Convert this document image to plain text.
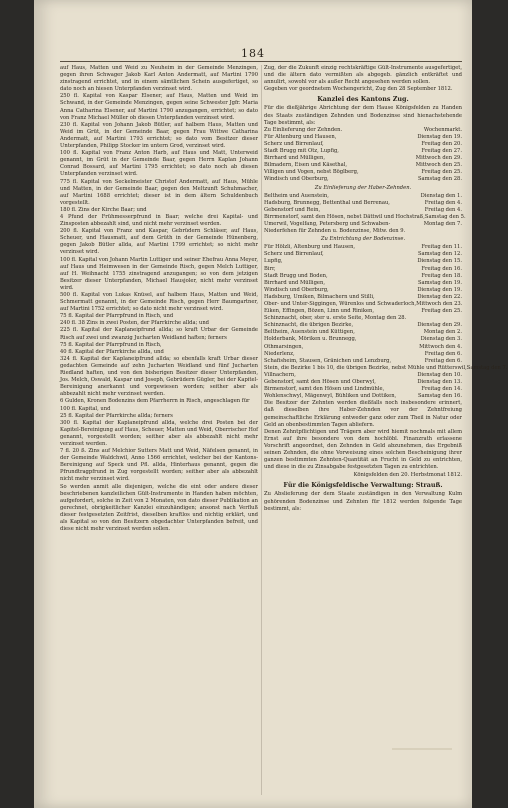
184

auf Haus, Matten und Weid zu Neuheim in der Gemeinde Menzingen, gegen ihren Schwager Jakob Karl Anton Andermatt, auf Martini 1790 zinstragend errichtet, und in einem sämtlichen Schein ausgefertiget, so dato noch an hiesen Unterpfanden verzinset wird.

250 fl. Kapital von Kaspar Elsener, auf Haus, Matten und Weid im Schwand, in der Gemeinde Menzingen, gegen seine Schwester Jgfr. Maria Anna Catharina Elsener, auf Martini 1790 anzugangen, errichtet; so dato von Franz Michael Müller ob diesen Unterpfanden verzinset wird.

230 fl. Kapital von Johann Jakob Bütler, auf halbem Haus, Matten und Weid im Grüt, in der Gemeinde Baar, gegen Frau Wittwe Catharina Andermatt, auf Martini 1793 errichtet; so dato vom Besitzer dieser Unterpfanden, Philipp Stocker im untern Grod, verzinset wird.

100 fl. Kapital von Franz Anton Harb, auf Haus und Matt, Unterweid genannt, im Grüt in der Gemeinde Baar, gegen Herrn Kaplan Johann Conrad Bossard, auf Martini 1795 errichtet; so dato noch ab diesen Unterpfanden verzinset wird.

775 fl. Kapital von Seckelmeister Christof Andermatt, auf Haus, Mühle und Matten, in der Gemeinde Baar, gegen den Meltzunft Schuhmacher, auf Martini 1688 errichtet; dieser ist in dem ältern Schuldenbuch vorgestellt.

180 fl. Zins der Kirche Baar; und

4 Pfund der Frühmesserpfrund in Baar; welche drei Kapital- und Zinsposten abbezahlt sind, und nicht mehr verzinset werden.

200 fl. Kapital von Franz und Kaspar, Gebrüdern Schläser, auf Haus, Scheuer, und Hausmatt, auf dem Grüth in der Gemeinde Hünenberg, gegen Jakob Bütler allda, auf Martini 1799 errichtet; so nicht mehr verzinset wird.

100 fl. Kapital von Johann Martin Luttiger und seiner Ehefrau Anna Meyer, auf Haus und Heimwesen in der Gemeinde Risch, gegen Melch Luttiger, auf H. Weihnacht 1755 zinstragend anzugangen; so von dem jetzigen Besitzer dieser Unterpfanden, Michael Hausjoler, nicht mehr verzinset wird.

500 fl. Kapital von Lukas Knüsel, auf halbem Haus, Matten und Weid, Schmermatt genannt, in der Gemeinde Risch, gegen Herr Baumgartner, auf Martini 1752 errichtet; so dato nicht mehr verzinset wird.

75 fl. Kapital der Pfarrpfrund in Risch, und

240 fl. 38 Zins in zwei Posten, der Pfarrkirche allda; und

225 fl. Kapital der Kaplaneipfrund allda; so kraft Urbar der Gemeinde Risch auf zwei und zwanzig Jucharten Weidland haften; ferners

75 fl. Kapital der Pfarrpfrund in Risch,

40 fl. Kapital der Pfarrkirche allda, und

324 fl. Kapital der Kaplaneipfrund allda; so ebenfalls kraft Urbar dieser gedachten Gemeinde auf zehn Jucharten Weidland und fünf Jucharten Riedland haften, und von den bisherigen Besitzer dieser Unterpfanden, Jos. Melch, Oswald, Kaspar und Joseph, Gebrüdern Gügler, bei der Kapitel-Bereinigung anerkannt und vorgewiesen worden; seither aber als abbezahlt nicht mehr verzinset werden.

6 Gulden, Kronen Bodenzins dem Pfarrherrn in Risch, angeschlagen für

100 fl. Kapital, und

25 fl. Kapital der Pfarrkirche allda; ferners

300 fl. Kapital der Kaplaneipfrund allda, welche drei Posten bei der Kapitel-Bereinigung auf Haus, Scheuer, Matten und Weid, Oberrischer Hof genannt, vorgestellt worden; seither aber als abbezahlt nicht mehr verzinset werden.

7 fl. 20 ß. Zins auf Melchior Sutters Matt und Weid, Näfelsen genannt, in der Gemeinde Waldchwil, Anno 1566 errichtet, welcher bei der Kantons-Bereinigung auf Speck und Pfl. allda, Hinterhaus genannt, gegen die Pfrundtragpfrund in Zug vorgestellt worden; seither aber als abbezahlt nicht mehr verzinset wird.

So werden anmit alle diejenigen, welche die eint oder andere dieser beschriebenen kanzleilichen Gült-Instrumente in Handen haben möchten, aufgefordert, solche in Zeit von 2 Monaten, von dato dieser Publikation an gerechnet, obrigkeitlicher Kanzlei einzuhändigen; ansonst nach Verfluß dieser festgesetzten Zeitfrist, dieselben kraftlos und nichtig erklärt, und als Kapital so von den Besitzern obgedachter Unterpfanden befreit, und diese nicht mehr verzinset werden sollen.

Zug, der die Zukunft einzig rechtskräftige Gült-Instrumente ausgefertiget, und die ältern dato vermißten als abgegeb. gänzlich entkräftet und annulirt, sowohl vor als außer Recht angesehen werden sollen.

Gegeben vor geordnetem Wochengericht, Zug den 28 September 1812.

Kanzlei des Kantons Zug.

Für die dießjährige Abrichtung der dem Hause Königsfelden zu Handen des Staats zuständigen Zehnden und Bodenzinse sind hienachstehende Tage bestimmt, als:

Zu Einlieferung der Zehnden.	Wochenmarkt.
Für Altenburg und Hausen,	Dienstag den 19.
Scherz und Birrenlauf,	Freitag den 20.
Stadt Brugg mit Otz, Lupfig,	Freitag den 27.
Birrhard und Mülligen,	Mittwoch den 29.
Bilmadern, Eisen und Käsethal,	Mittwoch den 25.
Villigen und Vogen, nebst Böglberg,	Freitag den 25.
Windisch und Oberburg,	Samstag den 28.
Zu Einlieferung der Haber-Zehnden.
Beltheim und Auenstein,	Dienstag den 1.
Hadsburg, Brunnegg, Bettenthal und Berrenau,	Freitag den 4.
Gebenstorf und Rein,	Freitag den 4.
Birrmenstorf, samt den Hösen, nebst Dättwil und Hochstraß, Samstag den 5.
Umerwil, Vogelfang, Petersberg und Schwaben-	Montag den 7.
Niederfehen für Zehnden u. Bodenzinse, Mitw. den 9.
Zu Entrichtung der Bodenzinse.
Für Hölzli, Altenburg und Hausen,	Freitag den 11.
Scherz und Birrenlauf,	Samstag den 12.
Lupfig,	Dienstag den 15.
Birr,	Freitag den 16.
Stadt Brugg und Boden,	Freitag den 18.
Birrhard und Mülligen,	Samstag den 19.
Windisch und Oberburg,	Dienstag den 19.
Hadsburg, Umiken, Bilmachern und Stilli,	Dienstag den 22.
Ober- und Unter-Siggingen, Würenlos und Schwaderloch, Mittwoch den 23.
Eiken, Effingen, Bözen, Linn und Riniken,	Freitag den 25.
Schinznacht, ober, ster u. erste Seite, Montag den 28.
Schinznacht, die übrigen Bezirke,	Dienstag den 29.
Beltheim, Auenstein und Küttigen,	Montag den 2.
Holderbank, Möriken u. Brunnegg,	Dienstag den 3.
Othmarsingen,	Mittwoch den 4.
Niederlenz,	Freitag den 6.
Schafisheim, Stausen, Gränichen und Lenzburg,	Freitag den 6.
Stein, die Bezirke 1 bis 10, die übrigen Bezirke, nebst Mühle und Rütterswil, Samstag den 7.
Villnachern,	Dienstag den 10.
Gebenstorf, samt den Hösen und Oberwyl,	Dienstag den 13.
Birmenstorf, samt den Hösen und Lindmühle,	Freitag den 14.
Wohlenschwyl, Mägenwyl, Bühliken und Dottiken,	Samstag den 16.

Die Besitzer der Zehnten werden dießfalls noch insbesondere erinnert, daß dieselben ihre Haber-Zehnden vor der Zehntfreiung gemeinschaftliche Erklärung entweder ganz oder zum Theil in Natur oder Geld an obenbestimmten Tagen abliefern.

Denen Zehntpflichtigen und Trägern aber wird hiemit nochmals mit allem Ernst auf ihre besondere von dem hochlöbl. Finanzrath erlassene Vorschrift angeordnet, den Zehnden in Geld abzunehmen, das Ergebniß seinen Zehnden, die ohne Vorweisung eines solchen Bescheinigung ihrer ganzen bestimmten Zehnten-Quantität an Frucht in Geld zu entrichten, und diese in die zu Zinsabgabe festgesetzten Tagen zu entrichten.

Königsfelden den 20. Herbstmonat 1812.
Für die Königsfeldische Verwaltung: Strauß.

Zu Abslieferung der dem Staate zuständigen in den Verwaltung Kulm gehörenden Bodenzinse und Zehnten für 1812 werden folgende Tage bestimmt, als:
